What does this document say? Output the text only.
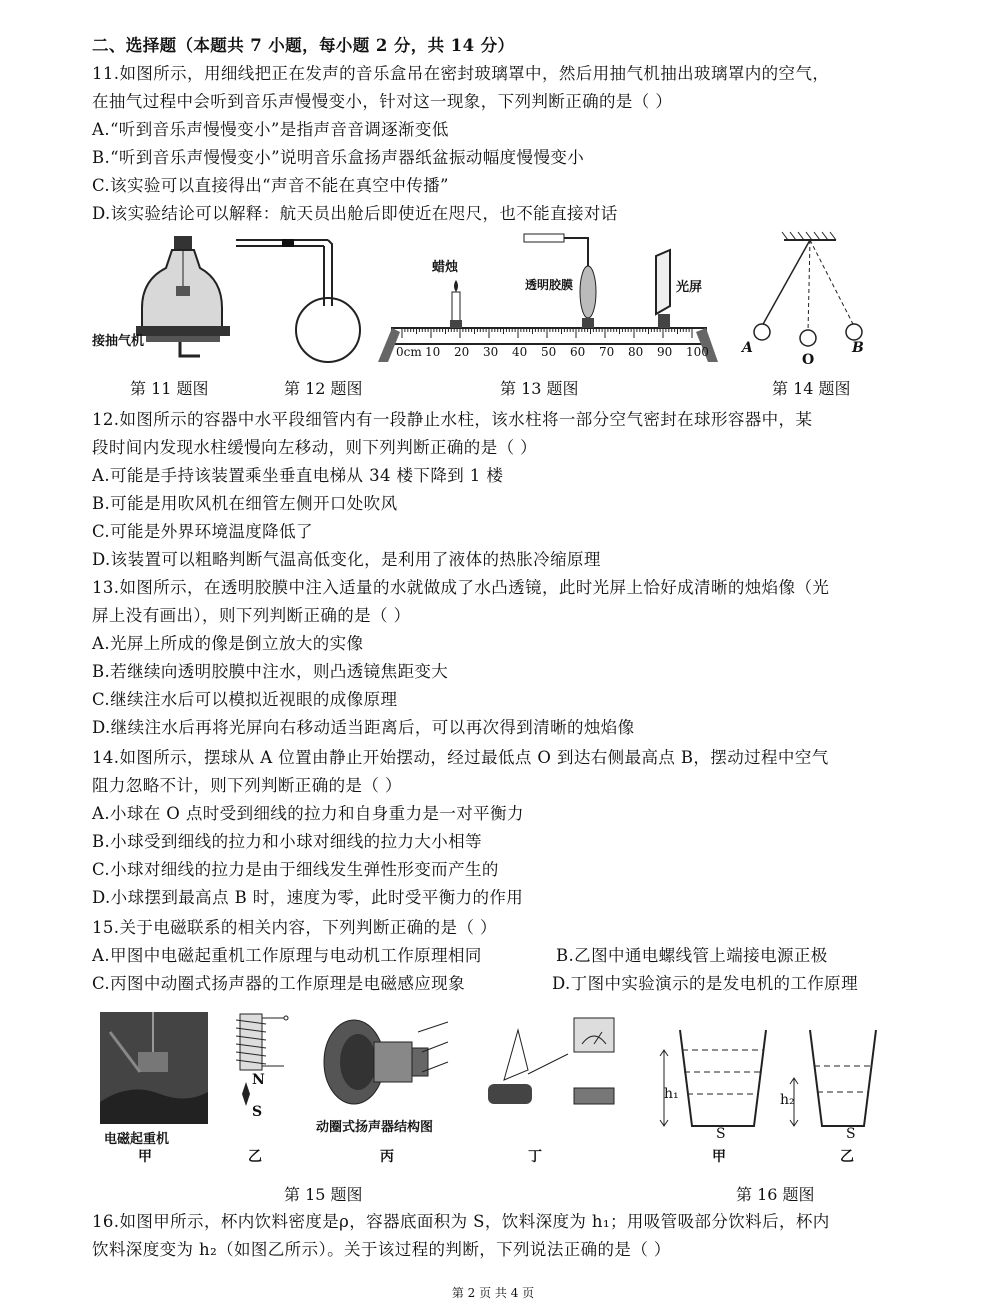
二、选择题（本题共 7 小题，每小题 2 分，共 14 分）
11.如图所示，用细线把正在发声的音乐盒吊在密封玻璃罩中，然后用抽气机抽出玻璃罩内的空气，
在抽气过程中会听到音乐声慢慢变小，针对这一现象，下列判断正确的是（ ）
A.“听到音乐声慢慢变小”是指声音音调逐渐变低
B.“听到音乐声慢慢变小”说明音乐盒扬声器纸盆振动幅度慢慢变小
C.该实验可以直接得出“声音不能在真空中传播”
D.该实验结论可以解释：航天员出舱后即使近在咫尺，也不能直接对话
接抽气机
第 11 题图	第 12 题图
蜡烛
透明胶膜	光屏
0cm 10 20 30 40 50 60 70 80 90 100
第 13 题图
A
O
B
第 14 题图
12.如图所示的容器中水平段细管内有一段静止水柱，该水柱将一部分空气密封在球形容器中，某
段时间内发现水柱缓慢向左移动，则下列判断正确的是（ ）
A.可能是手持该装置乘坐垂直电梯从 34 楼下降到 1 楼
B.可能是用吹风机在细管左侧开口处吹风
C.可能是外界环境温度降低了
D.该装置可以粗略判断气温高低变化，是利用了液体的热胀冷缩原理
13.如图所示，在透明胶膜中注入适量的水就做成了水凸透镜，此时光屏上恰好成清晰的烛焰像（光
屏上没有画出），则下列判断正确的是（ ）
A.光屏上所成的像是倒立放大的实像
B.若继续向透明胶膜中注水，则凸透镜焦距变大
C.继续注水后可以模拟近视眼的成像原理
D.继续注水后再将光屏向右移动适当距离后，可以再次得到清晰的烛焰像
14.如图所示，摆球从 A 位置由静止开始摆动，经过最低点 O 到达右侧最高点 B，摆动过程中空气
阻力忽略不计，则下列判断正确的是（ ）
A.小球在 O 点时受到细线的拉力和自身重力是一对平衡力
B.小球受到细线的拉力和小球对细线的拉力大小相等
C.小球对细线的拉力是由于细线发生弹性形变而产生的
D.小球摆到最高点 B 时，速度为零，此时受平衡力的作用
15.关于电磁联系的相关内容，下列判断正确的是（ ）
A.甲图中电磁起重机工作原理与电动机工作原理相同	B.乙图中通电螺线管上端接电源正极
C.丙图中动圈式扬声器的工作原理是电磁感应现象	D.丁图中实验演示的是发电机的工作原理
电磁起重机
甲
N
S
乙
动圈式扬声器结构图
丙	丁
第 15 题图
h₁	h₂
S	S
甲	乙
第 16 题图
16.如图甲所示，杯内饮料密度是ρ，容器底面积为 S，饮料深度为 h₁；用吸管吸部分饮料后，杯内
饮料深度变为 h₂（如图乙所示）。关于该过程的判断，下列说法正确的是（ ）
第 2 页 共 4 页
